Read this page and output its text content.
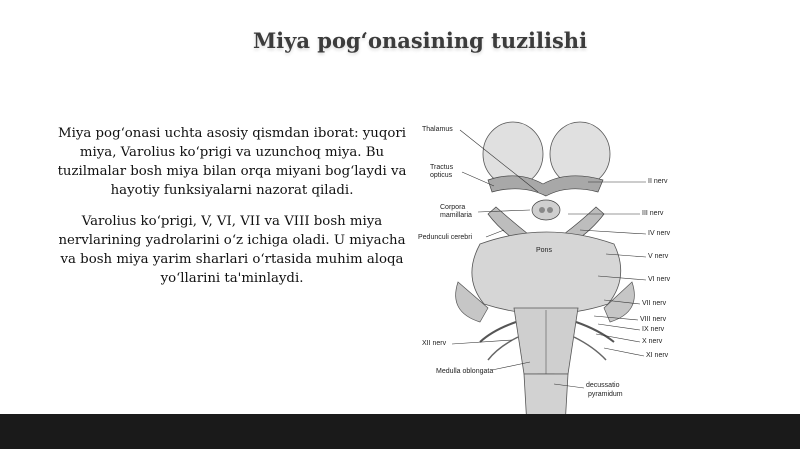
Miya pog‘onasining tuzilishi
Miya pog‘onasi uchta asosiy qismdan iborat: yuqori miya, Varolius ko‘prigi va uzunchoq miya. Bu tuzilmalar bosh miya bilan orqa miyani bog‘laydi va hayotiy funksiyalarni nazorat qiladi.
Varolius ko‘prigi, V, VI, VII va VIII bosh miya nervlarining yadrolarini o‘z ichiga oladi. U miyacha va bosh miya yarim sharlari o‘rtasida muhim aloqa yo‘llarini ta'minlaydi.
Thalamus
Tractus
opticus
Corpora
mamillaria
Pedunculi cerebri
Pons
XII nerv
Medulla oblongata
decussatio
pyramidum
II nerv
III nerv
IV nerv
V nerv
VI nerv
VII nerv
VIII nerv
IX nerv
X nerv
XI nerv
